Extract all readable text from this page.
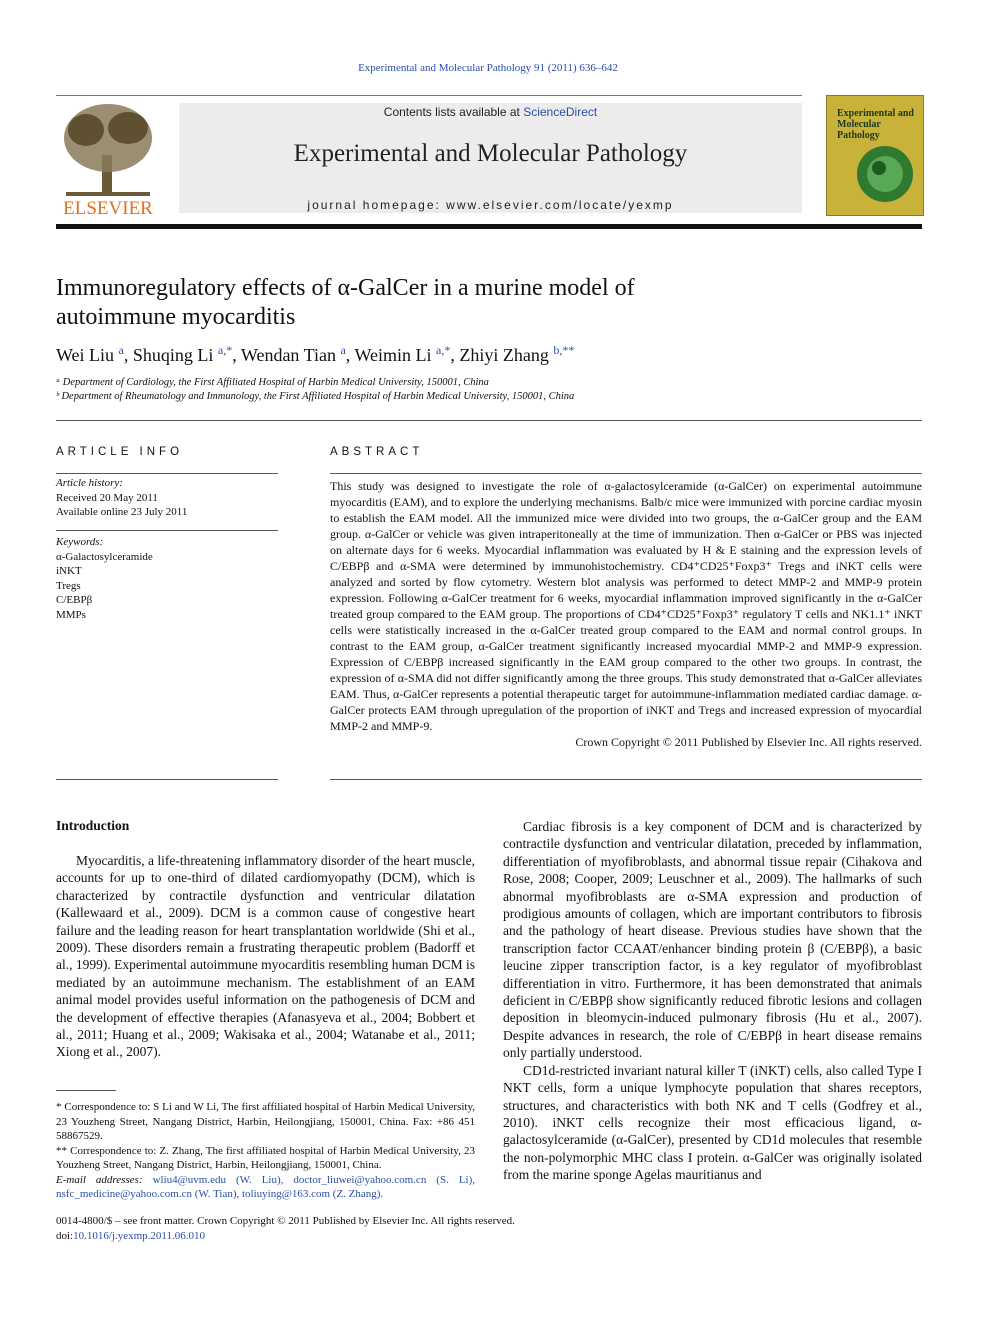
Experimental and Molecular Pathology 91 (2011) 636–642
ELSEVIER
Contents lists available at ScienceDirect
Experimental and Molecular Pathology
journal homepage: www.elsevier.com/locate/yexmp
Experimental and Molecular Pathology
Immunoregulatory effects of α-GalCer in a murine model of autoimmune myocarditis
Wei Liu $^a$, Shuqing Li $^{a,*}$, Wendan Tian $^a$, Weimin Li $^{a,*}$, Zhiyi Zhang $^{b,**}$
ᵃ Department of Cardiology, the First Affiliated Hospital of Harbin Medical University, 150001, China
ᵇ Department of Rheumatology and Immunology, the First Affiliated Hospital of Harbin Medical University, 150001, China
ARTICLE INFO
Article history:
Received 20 May 2011
Available online 23 July 2011
Keywords:
α-Galactosylceramide
iNKT
Tregs
C/EBPβ
MMPs
ABSTRACT
This study was designed to investigate the role of α-galactosylceramide (α-GalCer) on experimental autoimmune myocarditis (EAM), and to explore the underlying mechanisms. Balb/c mice were immunized with porcine cardiac myosin to establish the EAM model. All the immunized mice were divided into two groups, the α-GalCer group and the EAM group. α-GalCer or vehicle was given intraperitoneally at the time of immunization. Then α-GalCer or PBS was injected on alternate days for 6 weeks. Myocardial inflammation was evaluated by H & E staining and the expression levels of C/EBPβ and α-SMA were determined by immunohistochemistry. CD4⁺CD25⁺Foxp3⁺ Tregs and iNKT cells were analyzed and sorted by flow cytometry. Western blot analysis was performed to detect MMP-2 and MMP-9 protein expression. Following α-GalCer treatment for 6 weeks, myocardial inflammation improved significantly in the α-GalCer treated group compared to the EAM group. The proportions of CD4⁺CD25⁺Foxp3⁺ regulatory T cells and NK1.1⁺ iNKT cells were statistically increased in the α-GalCer treated group compared to the EAM and normal control groups. In contrast to the EAM group, α-GalCer treatment significantly increased myocardial MMP-2 and MMP-9 expression. Expression of C/EBPβ increased significantly in the EAM group compared to the other two groups. In contrast, the expression of α-SMA did not differ significantly among the three groups. This study demonstrated that α-GalCer alleviates EAM. Thus, α-GalCer represents a potential therapeutic target for autoimmune-inflammation mediated cardiac damage. α-GalCer protects EAM through upregulation of the proportion of iNKT and Tregs and increased expression of myocardial MMP-2 and MMP-9.
Crown Copyright © 2011 Published by Elsevier Inc. All rights reserved.
Introduction

Myocarditis, a life-threatening inflammatory disorder of the heart muscle, accounts for up to one-third of dilated cardiomyopathy (DCM), which is characterized by contractile dysfunction and ventricular dilatation (Kallewaard et al., 2009). DCM is a common cause of congestive heart failure and the leading reason for heart transplantation worldwide (Shi et al., 2009). These disorders remain a frustrating therapeutic problem (Badorff et al., 1999). Experimental autoimmune myocarditis resembling human DCM is mediated by an autoimmune mechanism. The establishment of an EAM animal model provides useful information on the pathogenesis of DCM and the development of effective therapies (Afanasyeva et al., 2004; Bobbert et al., 2011; Huang et al., 2009; Wakisaka et al., 2004; Watanabe et al., 2011; Xiong et al., 2007).

Cardiac fibrosis is a key component of DCM and is characterized by contractile dysfunction and ventricular dilatation, preceded by inflammation, differentiation of myofibroblasts, and abnormal tissue repair (Cihakova and Rose, 2008; Cooper, 2009; Leuschner et al., 2009). The hallmarks of such abnormal myofibroblasts are α-SMA expression and production of prodigious amounts of collagen, which are important contributors to fibrosis and the pathology of heart disease. Previous studies have shown that the transcription factor CCAAT/enhancer binding protein β (C/EBPβ), a basic leucine zipper transcription factor, is a key regulator of myofibroblast differentiation in vitro. Furthermore, it has been demonstrated that animals deficient in C/EBPβ show significantly reduced fibrotic lesions and collagen deposition in bleomycin-induced pulmonary fibrosis (Hu et al., 2007). Despite advances in research, the role of C/EBPβ in heart disease remains only partially understood.

CD1d-restricted invariant natural killer T (iNKT) cells, also called Type I NKT cells, form a unique lymphocyte population that shares receptors, structures, and characteristics with both NK and T cells (Godfrey et al., 2010). iNKT cells recognize their most efficacious ligand, α-galactosylceramide (α-GalCer), presented by CD1d molecules that resemble the non-polymorphic MHC class I protein. α-GalCer was originally isolated from the marine sponge Agelas mauritianus and

* Correspondence to: S Li and W Li, The first affiliated hospital of Harbin Medical University, 23 Youzheng Street, Nangang District, Harbin, Heilongjiang, 150001, China. Fax: +86 451 58867529.
** Correspondence to: Z. Zhang, The first affiliated hospital of Harbin Medical University, 23 Youzheng Street, Nangang District, Harbin, Heilongjiang, 150001, China.
E-mail addresses: wliu4@uvm.edu (W. Liu), doctor_liuwei@yahoo.com.cn (S. Li), nsfc_medicine@yahoo.com.cn (W. Tian), toliuying@163.com (Z. Zhang).
0014-4800/$ – see front matter. Crown Copyright © 2011 Published by Elsevier Inc. All rights reserved.
doi:10.1016/j.yexmp.2011.06.010
